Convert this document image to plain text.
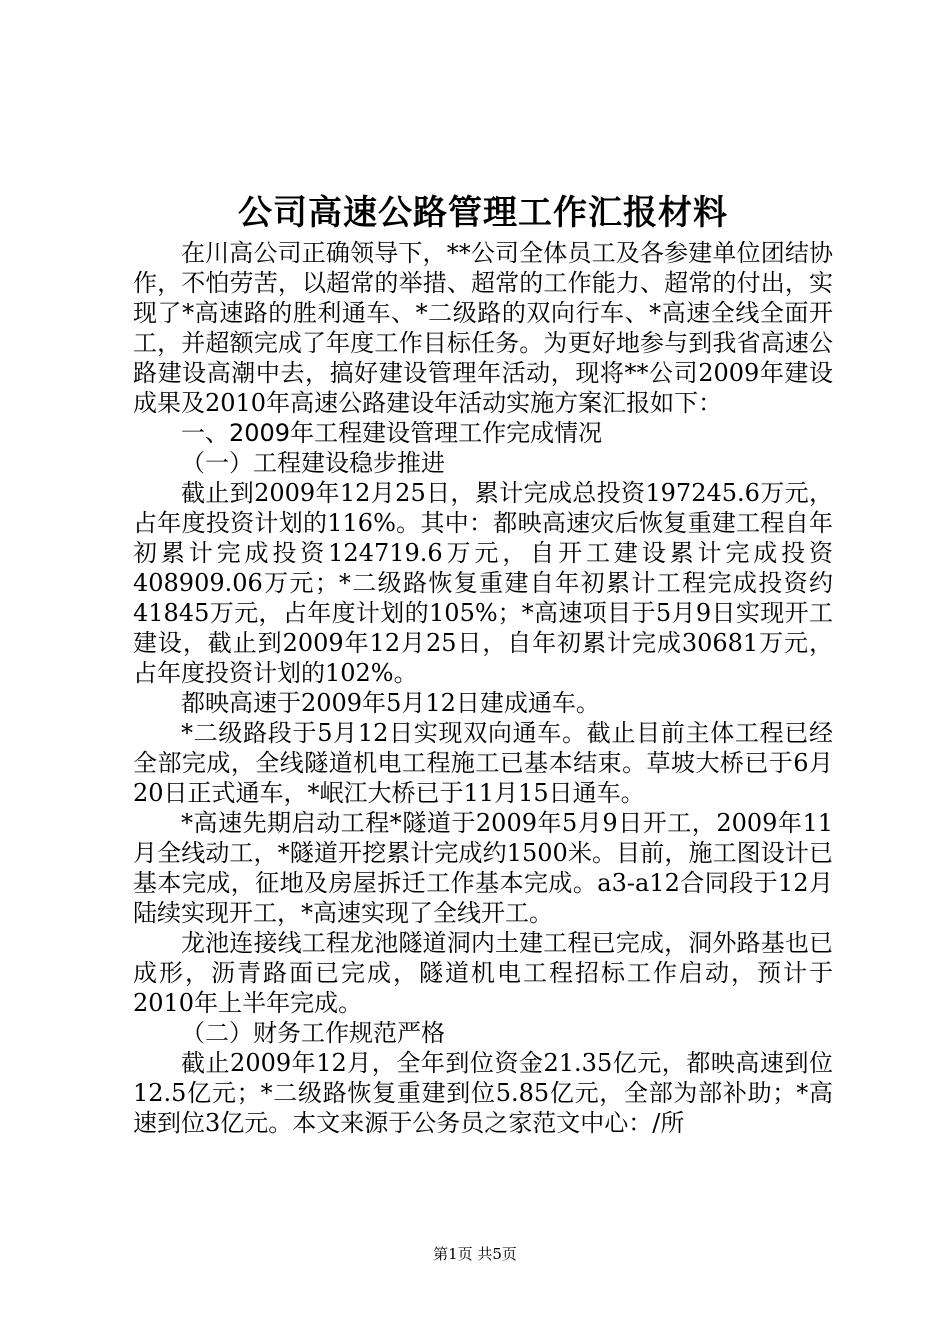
公司高速公路管理工作汇报材料

在川高公司正确领导下，**公司全体员工及各参建单位团结协作，不怕劳苦，以超常的举措、超常的工作能力、超常的付出，实现了*高速路的胜利通车、*二级路的双向行车、*高速全线全面开工，并超额完成了年度工作目标任务。为更好地参与到我省高速公路建设高潮中去，搞好建设管理年活动，现将**公司2009年建设成果及2010年高速公路建设年活动实施方案汇报如下：

一、2009年工程建设管理工作完成情况

（一）工程建设稳步推进

截止到2009年12月25日，累计完成总投资197245.6万元，占年度投资计划的116%。其中：都映高速灾后恢复重建工程自年初累计完成投资124719.6万元，自开工建设累计完成投资408909.06万元；*二级路恢复重建自年初累计工程完成投资约41845万元，占年度计划的105%；*高速项目于5月9日实现开工建设，截止到2009年12月25日，自年初累计完成30681万元，占年度投资计划的102%。

都映高速于2009年5月12日建成通车。

*二级路段于5月12日实现双向通车。截止目前主体工程已经全部完成，全线隧道机电工程施工已基本结束。草坡大桥已于6月20日正式通车，*岷江大桥已于11月15日通车。

*高速先期启动工程*隧道于2009年5月9日开工，2009年11月全线动工，*隧道开挖累计完成约1500米。目前，施工图设计已基本完成，征地及房屋拆迁工作基本完成。a3-a12合同段于12月陆续实现开工，*高速实现了全线开工。

龙池连接线工程龙池隧道洞内土建工程已完成，洞外路基也已成形，沥青路面已完成，隧道机电工程招标工作启动，预计于2010年上半年完成。

（二）财务工作规范严格

截止2009年12月，全年到位资金21.35亿元，都映高速到位12.5亿元；*二级路恢复重建到位5.85亿元，全部为部补助；*高速到位3亿元。本文来源于公务员之家范文中心：/所

第1页 共5页
